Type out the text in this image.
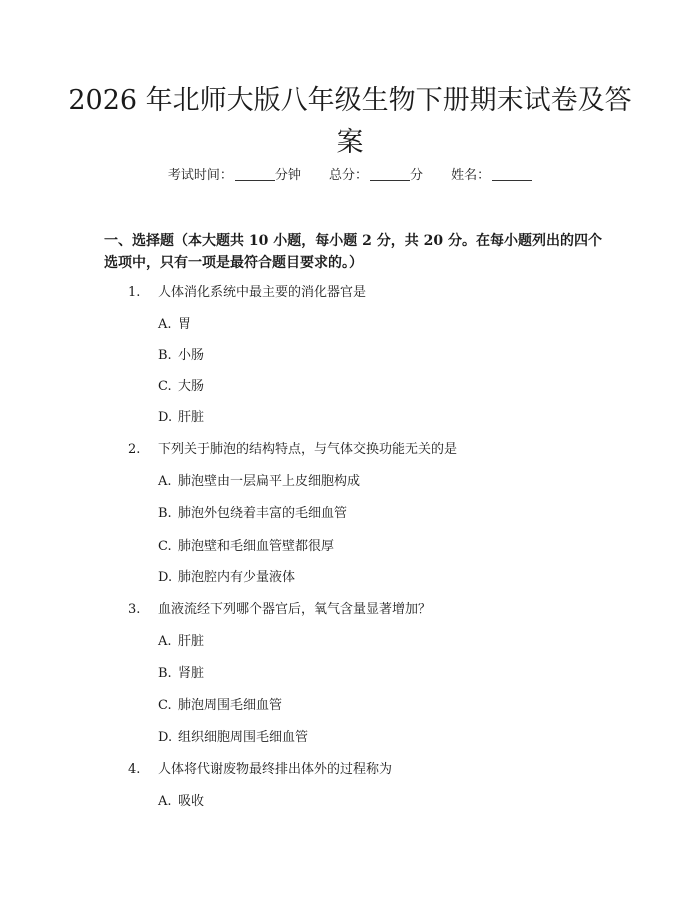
2026 年北师大版八年级生物下册期末试卷及答案
考试时间：	分钟 总分：	分 姓名：

一、选择题（本大题共 10 小题，每小题 2 分，共 20 分。在每小题列出的四个选项中，只有一项是最符合题目要求的。）

1. 人体消化系统中最主要的消化器官是
A. 胃
B. 小肠
C. 大肠
D. 肝脏
2. 下列关于肺泡的结构特点，与气体交换功能无关的是
A. 肺泡壁由一层扁平上皮细胞构成
B. 肺泡外包绕着丰富的毛细血管
C. 肺泡壁和毛细血管壁都很厚
D. 肺泡腔内有少量液体
3. 血液流经下列哪个器官后，氧气含量显著增加？
A. 肝脏
B. 肾脏
C. 肺泡周围毛细血管
D. 组织细胞周围毛细血管
4. 人体将代谢废物最终排出体外的过程称为
A. 吸收
